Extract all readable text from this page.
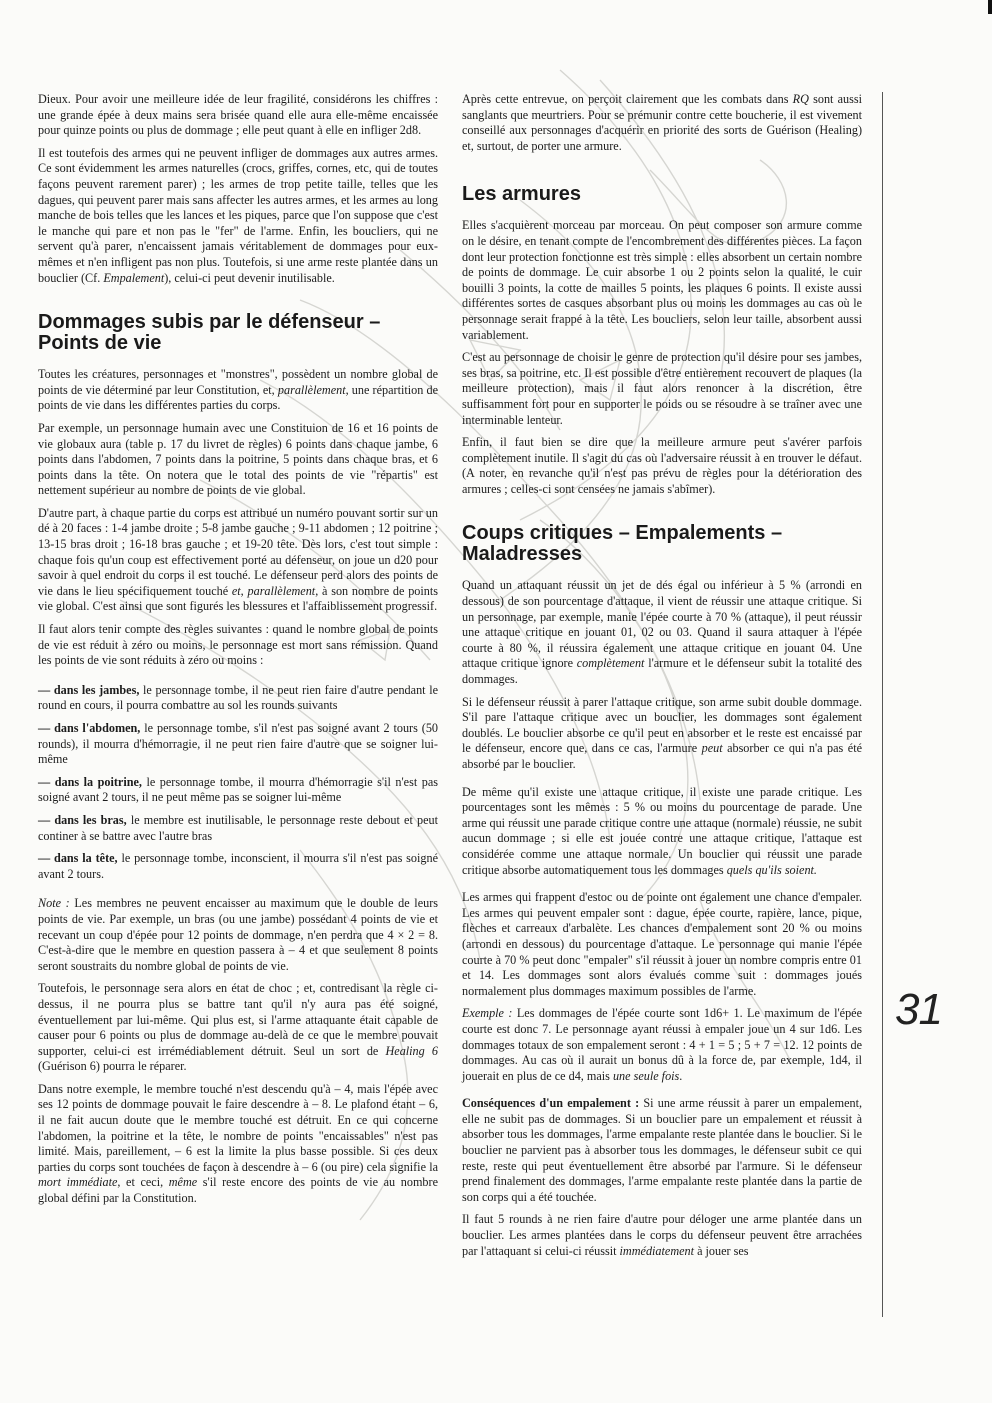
Dieux. Pour avoir une meilleure idée de leur fragilité, considérons les chiffres : une grande épée à deux mains sera brisée quand elle aura elle-même encaissée pour quinze points ou plus de dommage ; elle peut quant à elle en infliger 2d8.

Il est toutefois des armes qui ne peuvent infliger de dommages aux autres armes. Ce sont évidemment les armes naturelles (crocs, griffes, cornes, etc, qui de toutes façons peuvent rarement parer) ; les armes de trop petite taille, telles que les dagues, qui peuvent parer mais sans affecter les autres armes, et les armes au long manche de bois telles que les lances et les piques, parce que l'on suppose que c'est le manche qui pare et non pas le "fer" de l'arme. Enfin, les boucliers, qui ne servent qu'à parer, n'encaissent jamais véritablement de dommages pour eux-mêmes et n'en infligent pas non plus. Toutefois, si une arme reste plantée dans un bouclier (Cf. Empalement), celui-ci peut devenir inutilisable.

Dommages subis par le défenseur – Points de vie

Toutes les créatures, personnages et "monstres", possèdent un nombre global de points de vie déterminé par leur Constitution, et, parallèlement, une répartition de points de vie dans les différentes parties du corps.

Par exemple, un personnage humain avec une Constituion de 16 et 16 points de vie globaux aura (table p. 17 du livret de règles) 6 points dans chaque jambe, 6 points dans l'abdomen, 7 points dans la poitrine, 5 points dans chaque bras, et 6 points dans la tête. On notera que le total des points de vie "répartis" est nettement supérieur au nombre de points de vie global.

D'autre part, à chaque partie du corps est attribué un numéro pouvant sortir sur un dé à 20 faces : 1-4 jambe droite ; 5-8 jambe gauche ; 9-11 abdomen ; 12 poitrine ; 13-15 bras droit ; 16-18 bras gauche ; et 19-20 tête. Dès lors, c'est tout simple : chaque fois qu'un coup est effectivement porté au défenseur, on joue un d20 pour savoir à quel endroit du corps il est touché. Le défenseur perd alors des points de vie dans le lieu spécifiquement touché et, parallèlement, à son nombre de points vie global. C'est ainsi que sont figurés les blessures et l'affaiblissement progressif.

Il faut alors tenir compte des règles suivantes : quand le nombre global de points de vie est réduit à zéro ou moins, le personnage est mort sans rémission. Quand les points de vie sont réduits à zéro ou moins :

— dans les jambes, le personnage tombe, il ne peut rien faire d'autre pendant le round en cours, il pourra combattre au sol les rounds suivants

— dans l'abdomen, le personnage tombe, s'il n'est pas soigné avant 2 tours (50 rounds), il mourra d'hémorragie, il ne peut rien faire d'autre que se soigner lui-même

— dans la poitrine, le personnage tombe, il mourra d'hémorragie s'il n'est pas soigné avant 2 tours, il ne peut même pas se soigner lui-même

— dans les bras, le membre est inutilisable, le personnage reste debout et peut continer à se battre avec l'autre bras

— dans la tête, le personnage tombe, inconscient, il mourra s'il n'est pas soigné avant 2 tours.

Note : Les membres ne peuvent encaisser au maximum que le double de leurs points de vie. Par exemple, un bras (ou une jambe) possédant 4 points de vie et recevant un coup d'épée pour 12 points de dommage, n'en perdra que 4 × 2 = 8. C'est-à-dire que le membre en question passera à – 4 et que seulement 8 points seront soustraits du nombre global de points de vie.

Toutefois, le personnage sera alors en état de choc ; et, contredisant la règle ci-dessus, il ne pourra plus se battre tant qu'il n'y aura pas été soigné, éventuellement par lui-même. Qui plus est, si l'arme attaquante était capable de causer pour 6 points ou plus de dommage au-delà de ce que le membre pouvait supporter, celui-ci est irrémédiablement détruit. Seul un sort de Healing 6 (Guérison 6) pourra le réparer.

Dans notre exemple, le membre touché n'est descendu qu'à – 4, mais l'épée avec ses 12 points de dommage pouvait le faire descendre à – 8. Le plafond étant – 6, il ne fait aucun doute que le membre touché est détruit. En ce qui concerne l'abdomen, la poitrine et la tête, le nombre de points "encaissables" n'est pas limité. Mais, pareillement, – 6 est la limite la plus basse possible. Si ces deux parties du corps sont touchées de façon à descendre à – 6 (ou pire) cela signifie la mort immédiate, et ceci, même s'il reste encore des points de vie au nombre global défini par la Constitution.

Après cette entrevue, on perçoit clairement que les combats dans RQ sont aussi sanglants que meurtriers. Pour se prémunir contre cette boucherie, il est vivement conseillé aux personnages d'acquérir en priorité des sorts de Guérison (Healing) et, surtout, de porter une armure.

Les armures

Elles s'acquièrent morceau par morceau. On peut composer son armure comme on le désire, en tenant compte de l'encombrement des différentes pièces. La façon dont leur protection fonctionne est très simple : elles absorbent un certain nombre de points de dommage. Le cuir absorbe 1 ou 2 points selon la qualité, le cuir bouilli 3 points, la cotte de mailles 5 points, les plaques 6 points. Il existe aussi différentes sortes de casques absorbant plus ou moins les dommages au cas où le personnage serait frappé à la tête. Les boucliers, selon leur taille, absorbent aussi variablement.

C'est au personnage de choisir le genre de protection qu'il désire pour ses jambes, ses bras, sa poitrine, etc. Il est possible d'être entièrement recouvert de plaques (la meilleure protection), mais il faut alors renoncer à la discrétion, être suffisamment fort pour en supporter le poids ou se résoudre à se traîner avec une interminable lenteur.

Enfin, il faut bien se dire que la meilleure armure peut s'avérer parfois complètement inutile. Il s'agit du cas où l'adversaire réussit à en trouver le défaut. (A noter, en revanche qu'il n'est pas prévu de règles pour la détérioration des armures ; celles-ci sont censées ne jamais s'abîmer).

Coups critiques – Empalements – Maladresses

Quand un attaquant réussit un jet de dés égal ou inférieur à 5 % (arrondi en dessous) de son pourcentage d'attaque, il vient de réussir une attaque critique. Si un personnage, par exemple, manie l'épée courte à 70 % (attaque), il peut réussir une attaque critique en jouant 01, 02 ou 03. Quand il saura attaquer à l'épée courte à 80 %, il réussira également une attaque critique en jouant 04. Une attaque critique ignore complètement l'armure et le défenseur subit la totalité des dommages.

Si le défenseur réussit à parer l'attaque critique, son arme subit double dommage. S'il pare l'attaque critique avec un bouclier, les dommages sont également doublés. Le bouclier absorbe ce qu'il peut en absorber et le reste est encaissé par le défenseur, encore que, dans ce cas, l'armure peut absorber ce qui n'a pas été absorbé par le bouclier.

De même qu'il existe une attaque critique, il existe une parade critique. Les pourcentages sont les mêmes : 5 % ou moins du pourcentage de parade. Une arme qui réussit une parade critique contre une attaque (normale) réussie, ne subit aucun dommage ; si elle est jouée contre une attaque critique, l'attaque est considérée comme une attaque normale. Un bouclier qui réussit une parade critique absorbe automatiquement tous les dommages quels qu'ils soient.

Les armes qui frappent d'estoc ou de pointe ont également une chance d'empaler. Les armes qui peuvent empaler sont : dague, épée courte, rapière, lance, pique, flèches et carreaux d'arbalète. Les chances d'empalement sont 20 % ou moins (arrondi en dessous) du pourcentage d'attaque. Le personnage qui manie l'épée courte à 70 % peut donc "empaler" s'il réussit à jouer un nombre compris entre 01 et 14. Les dommages sont alors évalués comme suit : dommages joués normalement plus dommages maximum possibles de l'arme.

Exemple : Les dommages de l'épée courte sont 1d6+ 1. Le maximum de l'épée courte est donc 7. Le personnage ayant réussi à empaler joue un 4 sur 1d6. Les dommages totaux de son empalement seront : 4 + 1 = 5 ; 5 + 7 = 12. 12 points de dommages. Au cas où il aurait un bonus dû à la force de, par exemple, 1d4, il jouerait en plus de ce d4, mais une seule fois.

Conséquences d'un empalement : Si une arme réussit à parer un empalement, elle ne subit pas de dommages. Si un bouclier pare un empalement et réussit à absorber tous les dommages, l'arme empalante reste plantée dans le bouclier. Si le bouclier ne parvient pas à absorber tous les dommages, le défenseur subit ce qui reste, reste qui peut éventuellement être absorbé par l'armure. Si le défenseur prend finalement des dommages, l'arme empalante reste plantée dans la partie de son corps qui a été touchée.

Il faut 5 rounds à ne rien faire d'autre pour déloger une arme plantée dans un bouclier. Les armes plantées dans le corps du défenseur peuvent être arrachées par l'attaquant si celui-ci réussit immédiatement à jouer ses

31
